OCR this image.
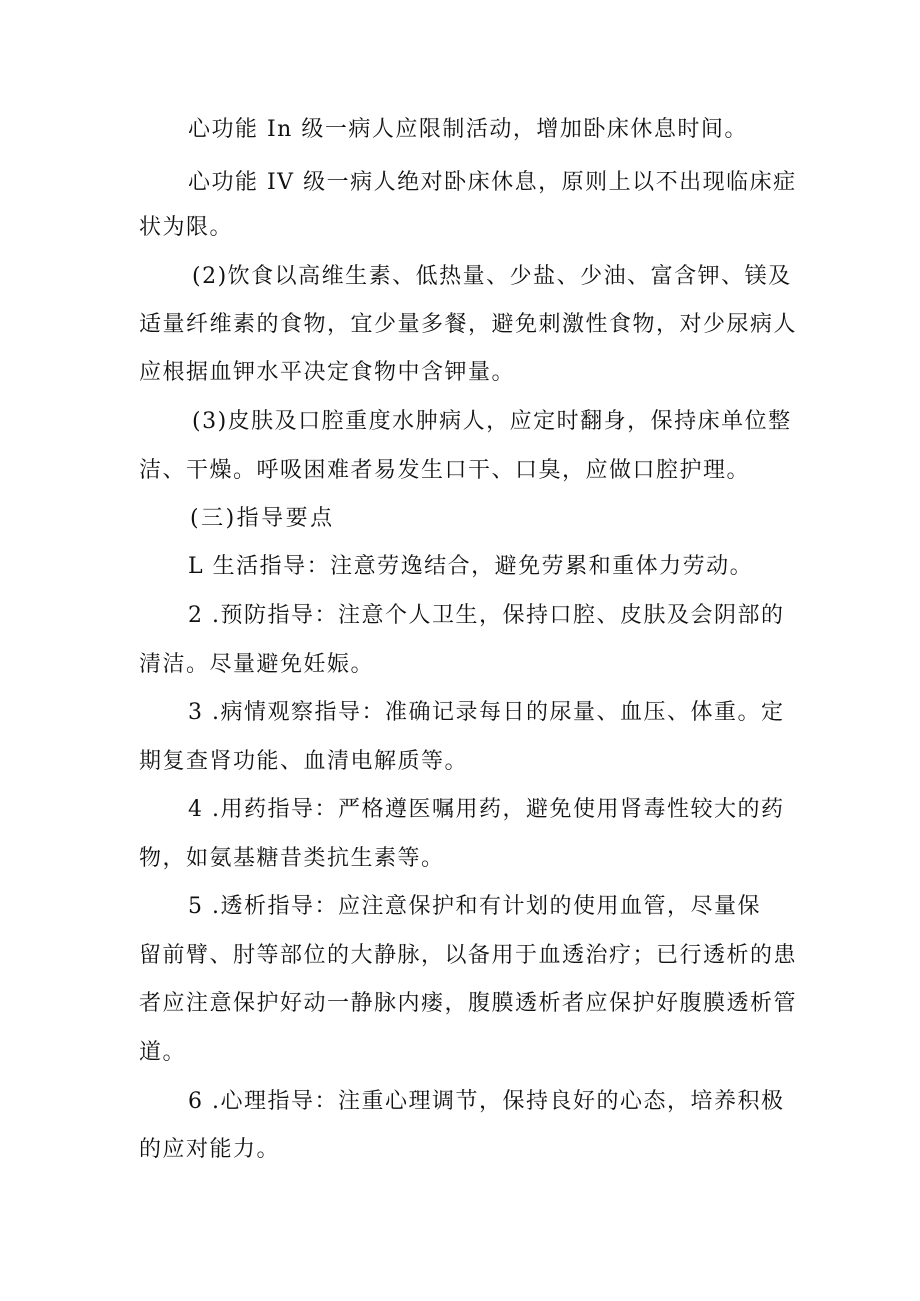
心功能 In 级一病人应限制活动，增加卧床休息时间。
心功能 IV 级一病人绝对卧床休息，原则上以不出现临床症
状为限。
(2)饮食以高维生素、低热量、少盐、少油、富含钾、镁及
适量纤维素的食物，宜少量多餐，避免刺激性食物，对少尿病人
应根据血钾水平决定食物中含钾量。
(3)皮肤及口腔重度水肿病人，应定时翻身，保持床单位整
洁、干燥。呼吸困难者易发生口干、口臭，应做口腔护理。
(三)指导要点
L 生活指导：注意劳逸结合，避免劳累和重体力劳动。
2 .预防指导：注意个人卫生，保持口腔、皮肤及会阴部的
清洁。尽量避免妊娠。
3 .病情观察指导：准确记录每日的尿量、血压、体重。定
期复查肾功能、血清电解质等。
4 .用药指导：严格遵医嘱用药，避免使用肾毒性较大的药
物，如氨基糖昔类抗生素等。
5 .透析指导：应注意保护和有计划的使用血管，尽量保
留前臂、肘等部位的大静脉，以备用于血透治疗；已行透析的患
者应注意保护好动一静脉内瘘，腹膜透析者应保护好腹膜透析管
道。
6 .心理指导：注重心理调节，保持良好的心态，培养积极
的应对能力。
